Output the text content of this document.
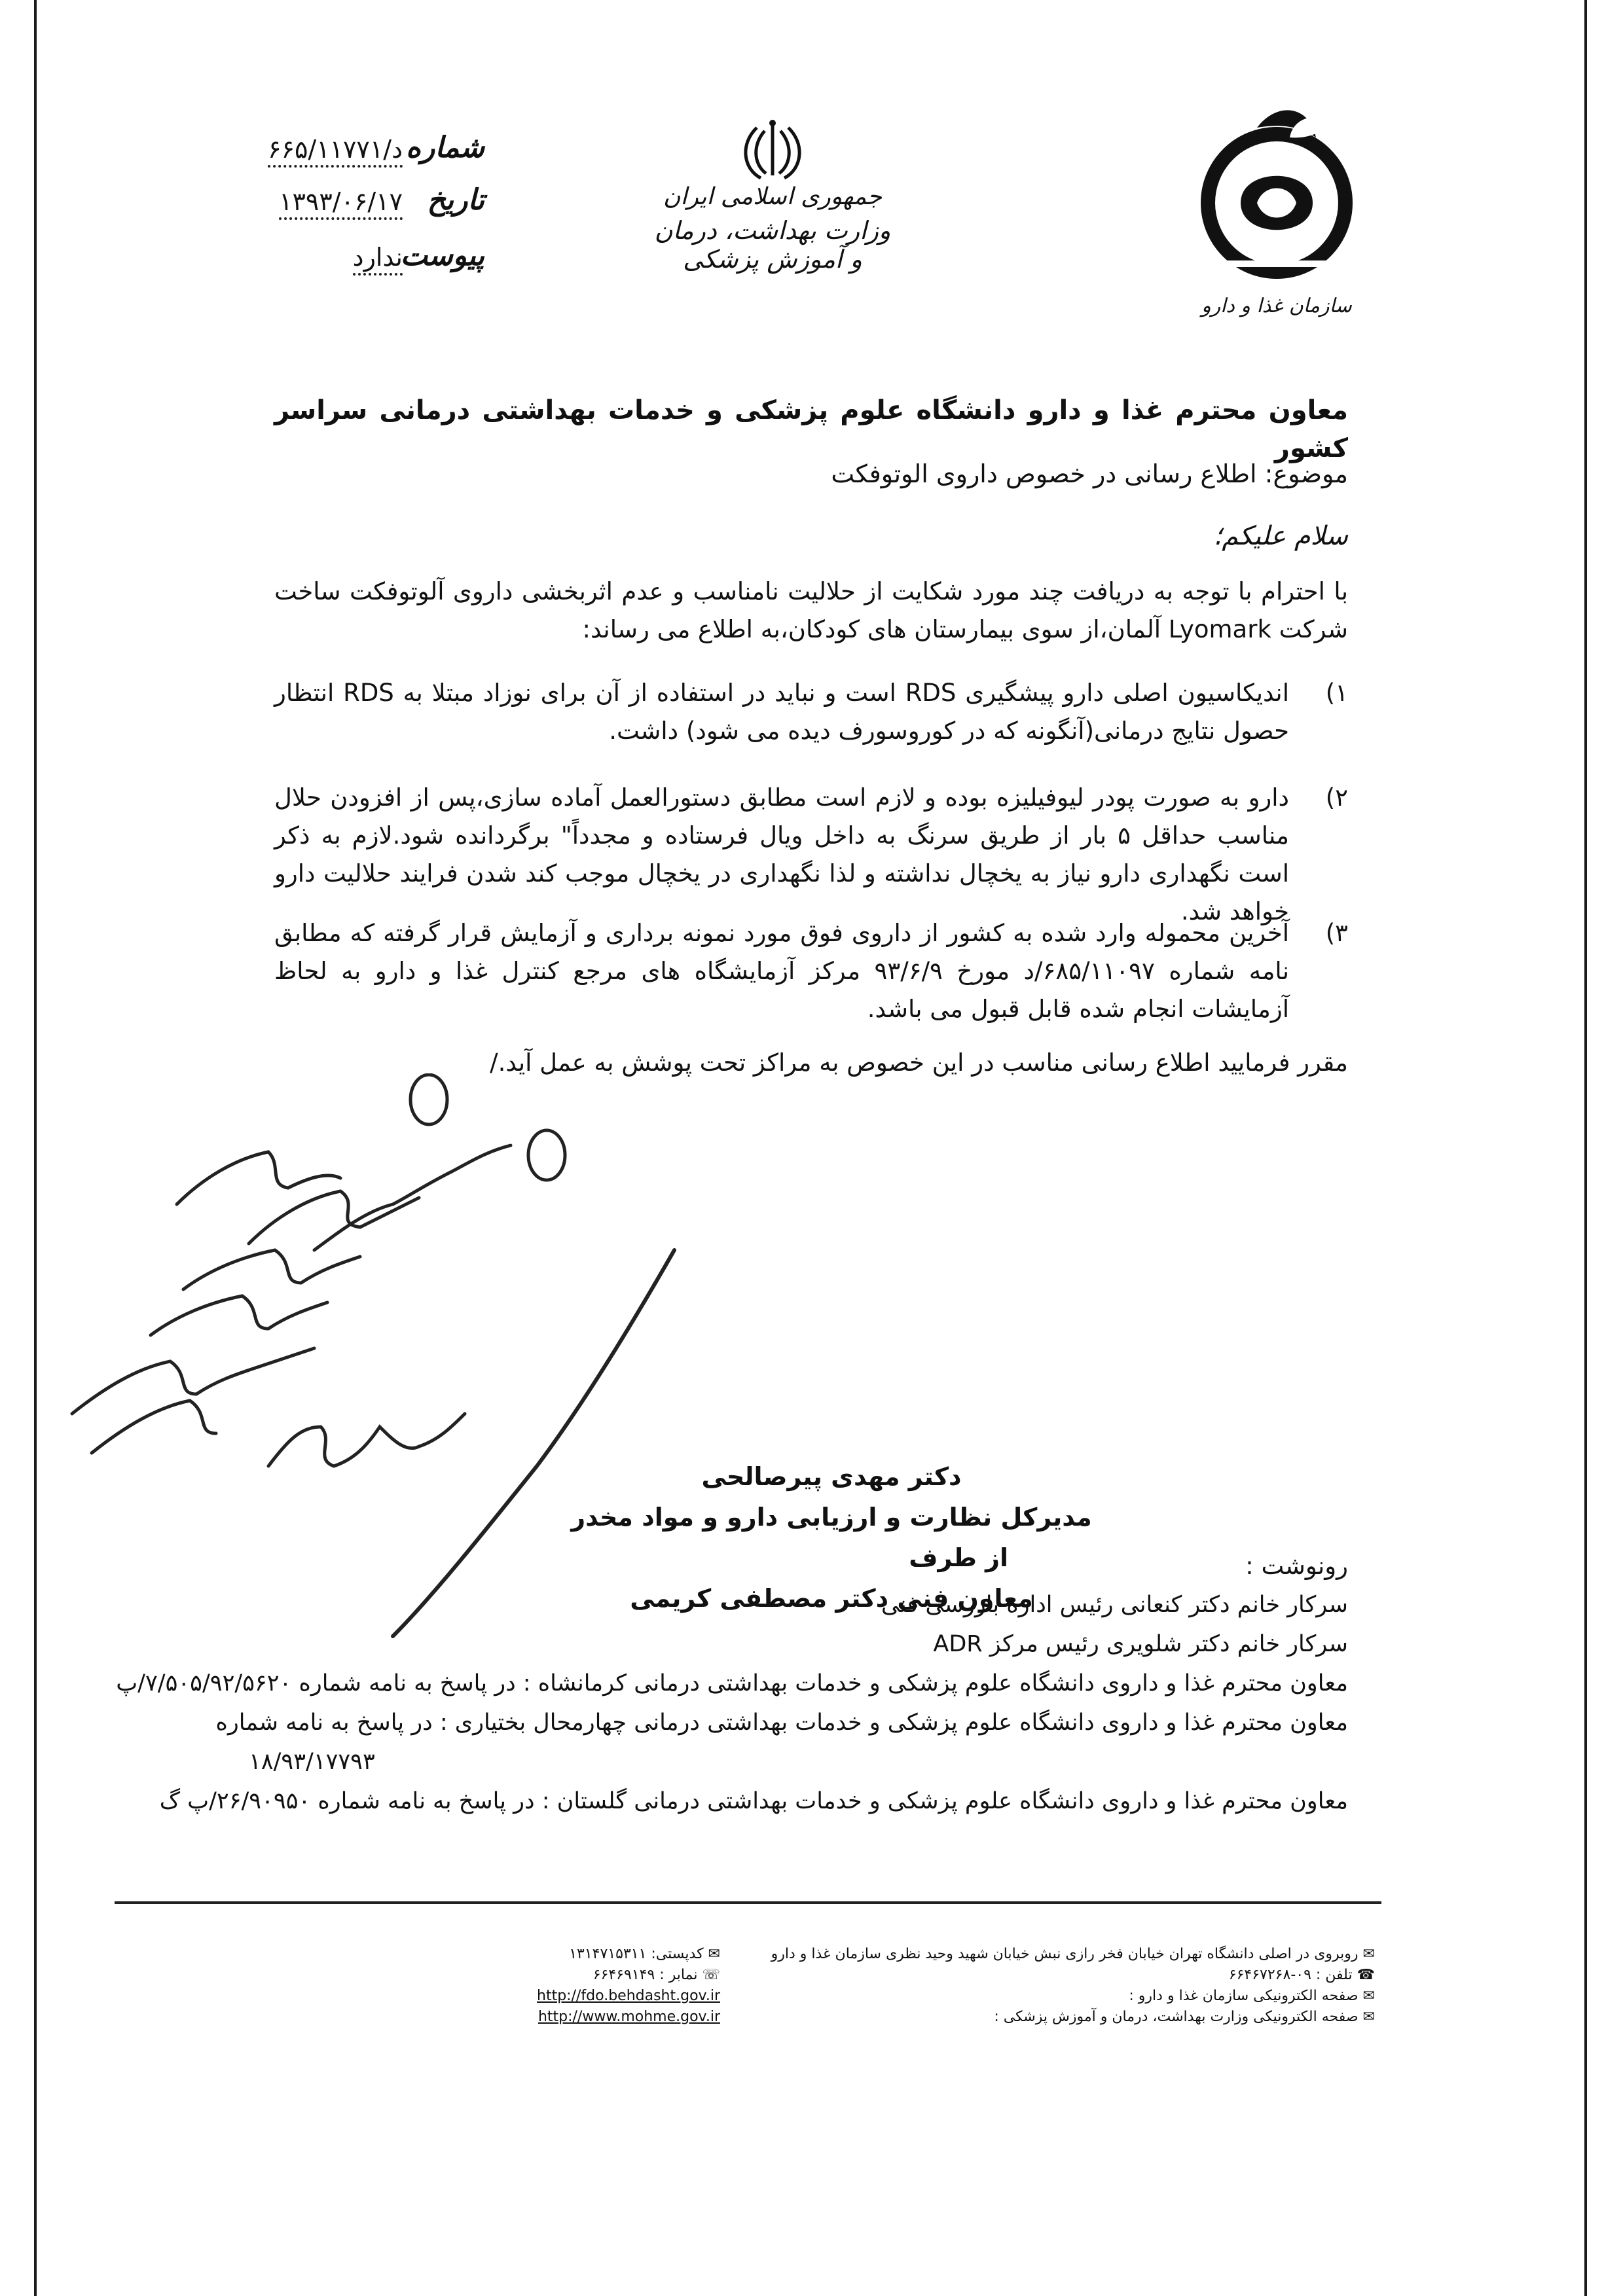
شماره
د/۶۶۵/۱۱۷۷۱
تاریخ
۱۳۹۳/۰۶/۱۷
پیوست
ندارد
جمهوری اسلامی ایران
وزارت بهداشت، درمان و آموزش پزشکی
سازمان غذا و دارو
معاون محترم غذا و دارو دانشگاه علوم پزشکی و خدمات بهداشتی درمانی سراسر کشور
موضوع: اطلاع رسانی در خصوص داروی الوتوفکت
سلام علیکم؛
با احترام با توجه به دریافت چند مورد شکایت از حلالیت نامناسب و عدم اثربخشی داروی آلوتوفکت ساخت شرکت Lyomark آلمان،از سوی بیمارستان های کودکان،به اطلاع می رساند:
۱)
اندیکاسیون اصلی دارو پیشگیری RDS است و نباید در استفاده از آن برای نوزاد مبتلا به RDS انتظار حصول نتایج درمانی(آنگونه که در کوروسورف دیده می شود) داشت.
۲)
دارو به صورت پودر لیوفیلیزه بوده و لازم است مطابق دستورالعمل آماده سازی،پس از افزودن حلال مناسب حداقل ۵ بار از طریق سرنگ به داخل ویال فرستاده و مجدداً" برگردانده شود.لازم به ذکر است نگهداری دارو نیاز به یخچال نداشته و لذا نگهداری در یخچال موجب کند شدن فرایند حلالیت دارو خواهد شد.
۳)
آخرین محموله وارد شده به کشور از داروی فوق مورد نمونه برداری و آزمایش قرار گرفته که مطابق نامه شماره ۶۸۵/۱۱۰۹۷/د مورخ ۹۳/۶/۹ مرکز آزمایشگاه های مرجع کنترل غذا و دارو به لحاظ آزمایشات انجام شده قابل قبول می باشد.
مقرر فرمایید اطلاع رسانی مناسب در این خصوص به مراکز تحت پوشش به عمل آید./
دکتر مهدی پیرصالحی
مدیرکل نظارت و ارزیابی دارو و مواد مخدر
از طرف
معاون فنی دکتر مصطفی کریمی
رونوشت :
سرکار خانم دکتر کنعانی رئیس اداره بازرسی فنی
سرکار خانم دکتر شلویری رئیس مرکز ADR
معاون محترم غذا و داروی دانشگاه علوم پزشکی و خدمات بهداشتی درمانی کرمانشاه : در پاسخ به نامه شماره ۷/۵۰۵/۹۲/۵۶۲۰/پ
معاون محترم غذا و داروی دانشگاه علوم پزشکی و خدمات بهداشتی درمانی چهارمحال بختیاری : در پاسخ به نامه شماره
۱۸/۹۳/۱۷۷۹۳
معاون محترم غذا و داروی دانشگاه علوم پزشکی و خدمات بهداشتی درمانی گلستان : در پاسخ به نامه شماره ۲۶/۹۰۹۵۰/پ گ
✉ روبروی در اصلی دانشگاه تهران خیابان فخر رازی نبش خیابان شهید وحید نظری سازمان غذا و دارو
☎ تلفن : ۰۹-۶۶۴۶۷۲۶۸
✉ صفحه الکترونیکی سازمان غذا و دارو :
✉ صفحه الکترونیکی وزارت بهداشت، درمان و آموزش پزشکی :
✉ کدپستی: ۱۳۱۴۷۱۵۳۱۱
☏ نمابر : ۶۶۴۶۹۱۴۹
http://fdo.behdasht.gov.ir
http://www.mohme.gov.ir
